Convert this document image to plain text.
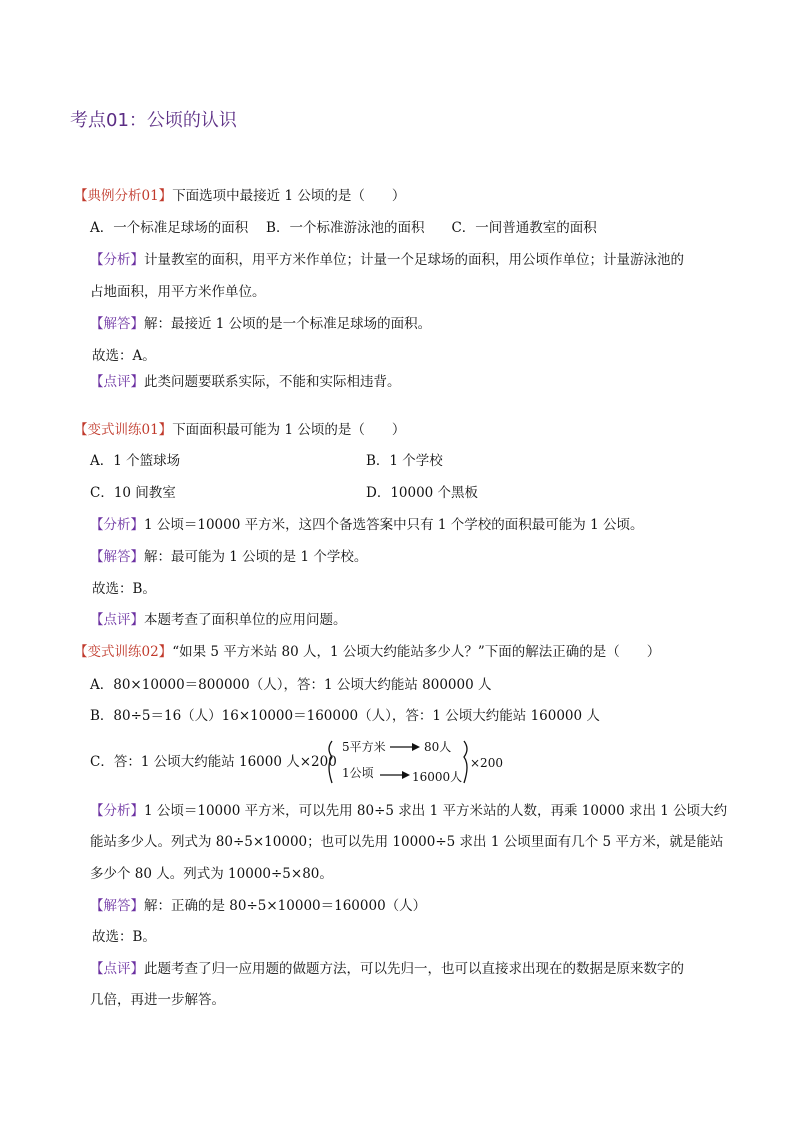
考点01：公顷的认识
【典例分析01】下面选项中最接近 1 公顷的是（　　）
A．一个标准足球场的面积　 B．一个标准游泳池的面积　　C．一间普通教室的面积
【分析】计量教室的面积，用平方米作单位；计量一个足球场的面积，用公顷作单位；计量游泳池的
占地面积，用平方米作单位。
【解答】解：最接近 1 公顷的是一个标准足球场的面积。
故选：A。
【点评】此类问题要联系实际，不能和实际相违背。
【变式训练01】下面面积最可能为 1 公顷的是（　　）
A．1 个篮球场	B．1 个学校
C．10 间教室	D．10000 个黑板
【分析】1 公顷＝10000 平方米，这四个备选答案中只有 1 个学校的面积最可能为 1 公顷。
【解答】解：最可能为 1 公顷的是 1 个学校。
故选：B。
【点评】本题考查了面积单位的应用问题。
【变式训练02】“如果 5 平方米站 80 人，1 公顷大约能站多少人？”下面的解法正确的是（　　）
A．80×10000＝800000（人），答：1 公顷大约能站 800000 人
B．80÷5＝16（人）16×10000＝160000（人），答：1 公顷大约能站 160000 人
C．答：1 公顷大约能站 16000 人×200
5平方米	80人
1公顷	16000人
×200
【分析】1 公顷＝10000 平方米，可以先用 80÷5 求出 1 平方米站的人数，再乘 10000 求出 1 公顷大约
能站多少人。列式为 80÷5×10000；也可以先用 10000÷5 求出 1 公顷里面有几个 5 平方米，就是能站
多少个 80 人。列式为 10000÷5×80。
【解答】解：正确的是 80÷5×10000＝160000（人）
故选：B。
【点评】此题考查了归一应用题的做题方法，可以先归一，也可以直接求出现在的数据是原来数字的
几倍，再进一步解答。
